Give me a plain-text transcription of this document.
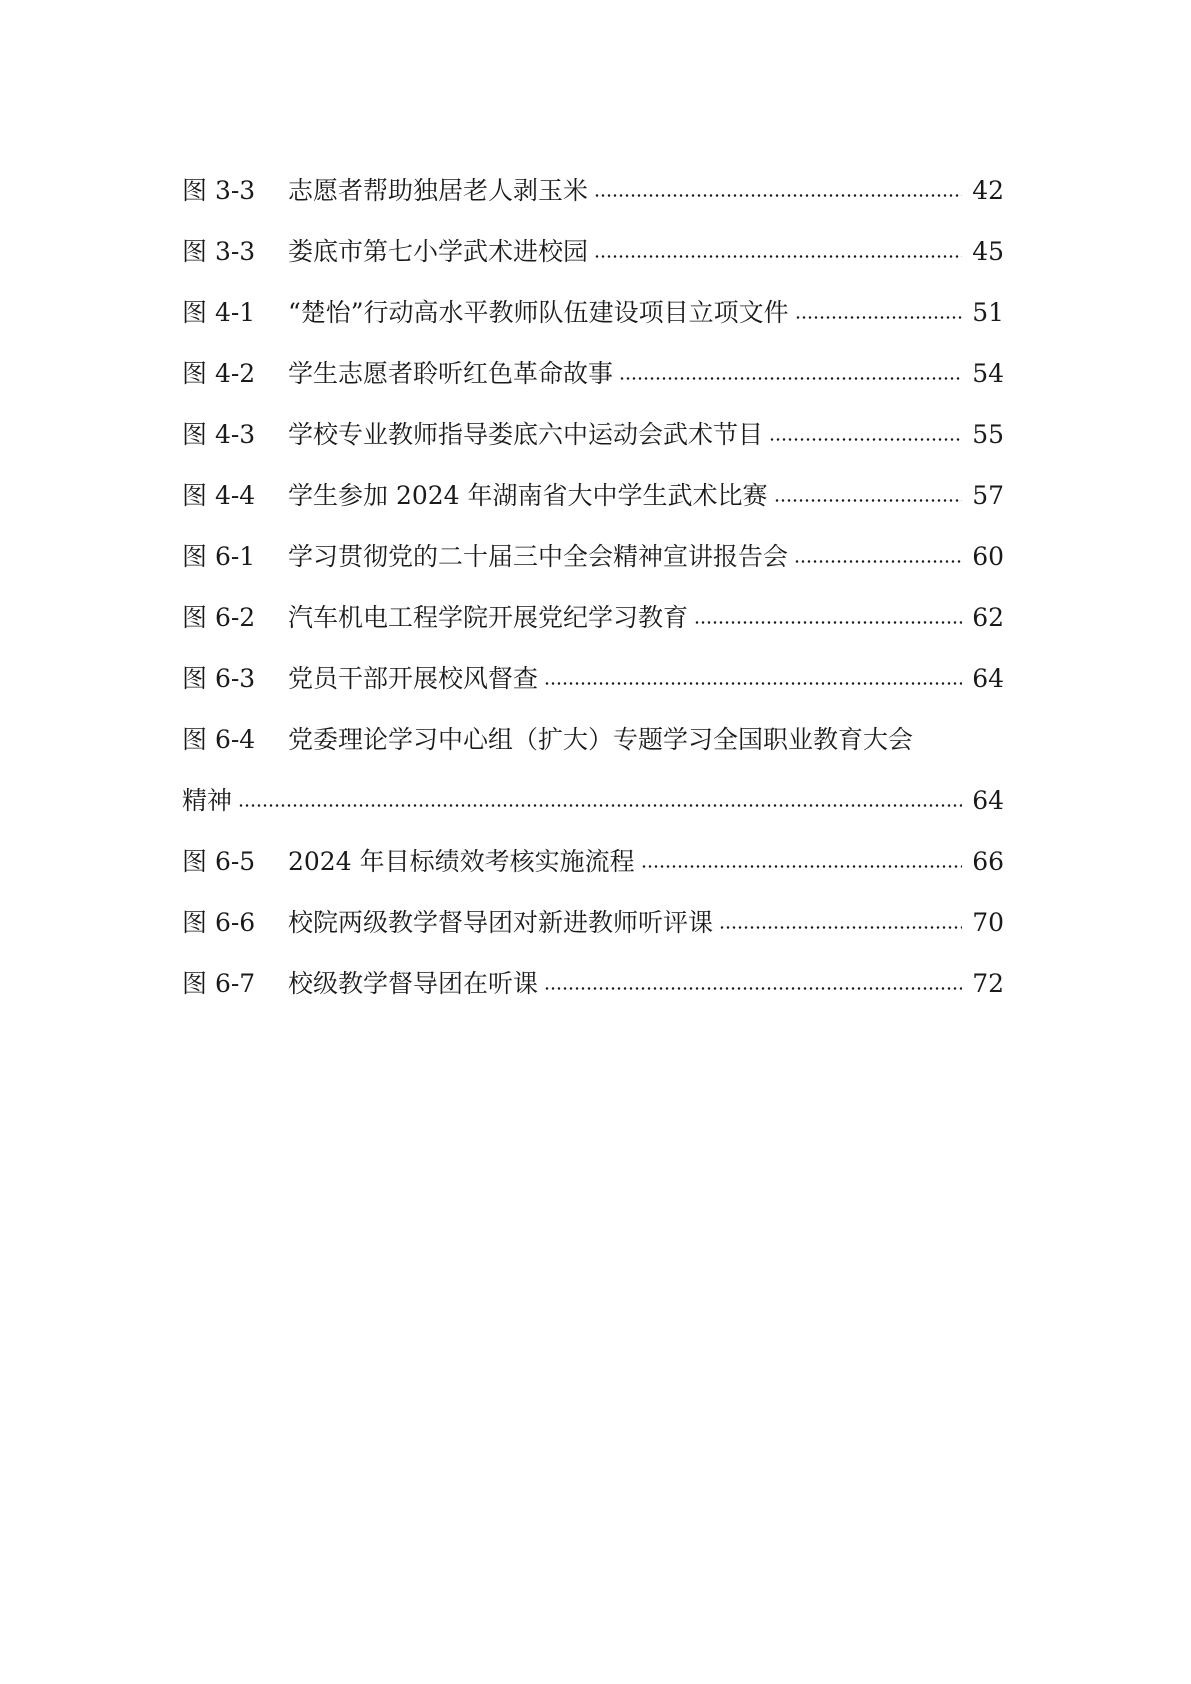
图 3-3	志愿者帮助独居老人剥玉米	42
图 3-3	娄底市第七小学武术进校园	45
图 4-1	“楚怡”行动高水平教师队伍建设项目立项文件	51
图 4-2	学生志愿者聆听红色革命故事	54
图 4-3	学校专业教师指导娄底六中运动会武术节目	55
图 4-4	学生参加 2024 年湖南省大中学生武术比赛	57
图 6-1	学习贯彻党的二十届三中全会精神宣讲报告会	60
图 6-2	汽车机电工程学院开展党纪学习教育	62
图 6-3	党员干部开展校风督查	64
图 6-4	党委理论学习中心组（扩大）专题学习全国职业教育大会
精神	64
图 6-5	2024 年目标绩效考核实施流程	66
图 6-6	校院两级教学督导团对新进教师听评课	70
图 6-7	校级教学督导团在听课	72
